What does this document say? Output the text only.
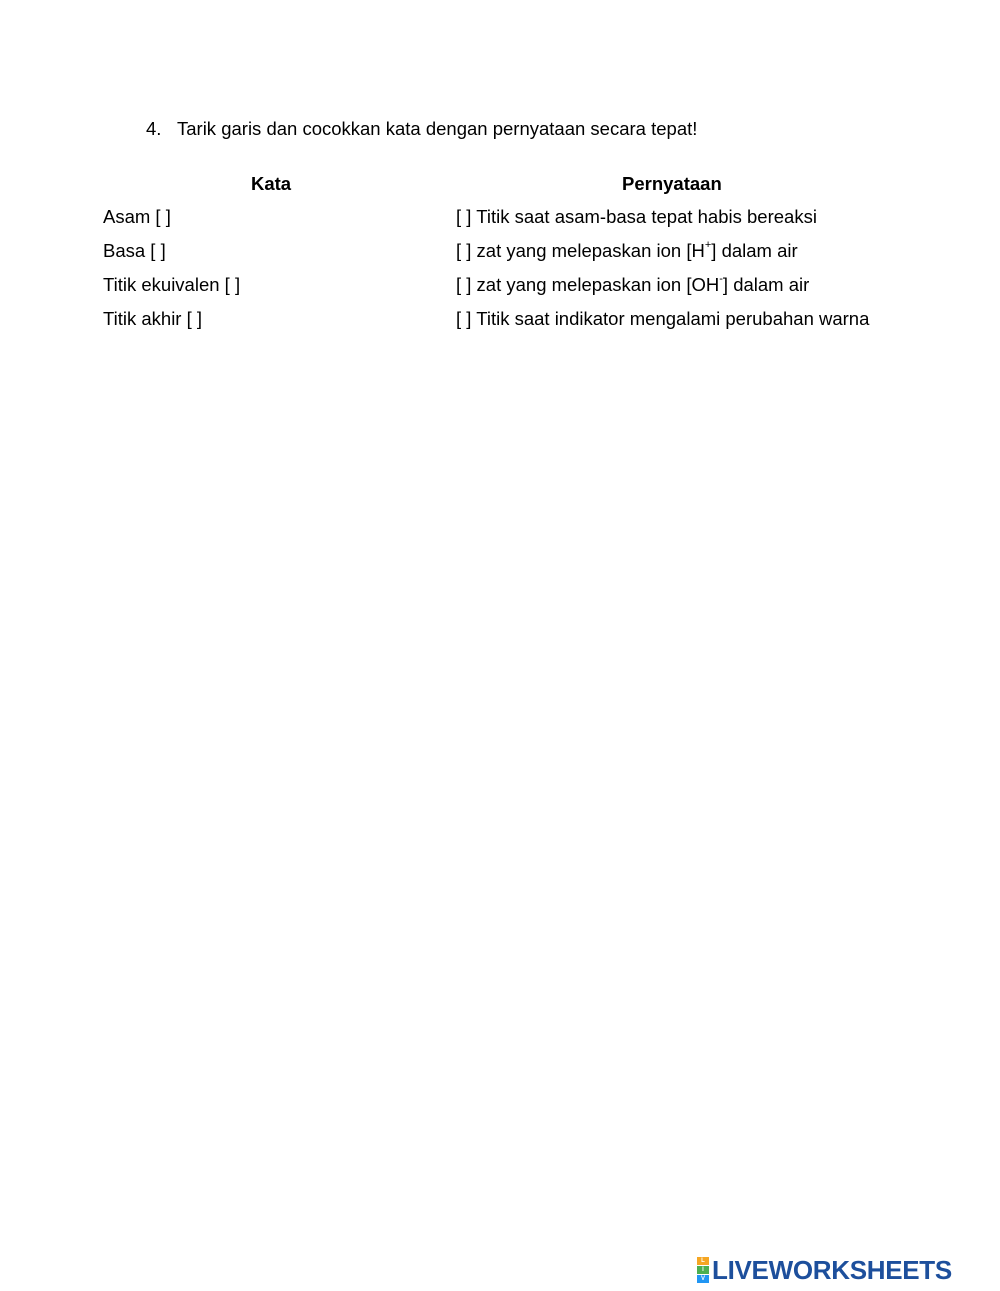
4. Tarik garis dan cocokkan kata dengan pernyataan secara tepat!
Kata	Pernyataan
Asam [ ]
Basa [ ]
Titik ekuivalen [ ]
Titik akhir [ ]
[ ] Titik saat asam-basa tepat habis bereaksi
[ ] zat yang melepaskan ion [H+] dalam air
[ ] zat yang melepaskan ion [OH-] dalam air
[ ] Titik saat indikator mengalami perubahan warna
L
I
V LIVEWORKSHEETS
